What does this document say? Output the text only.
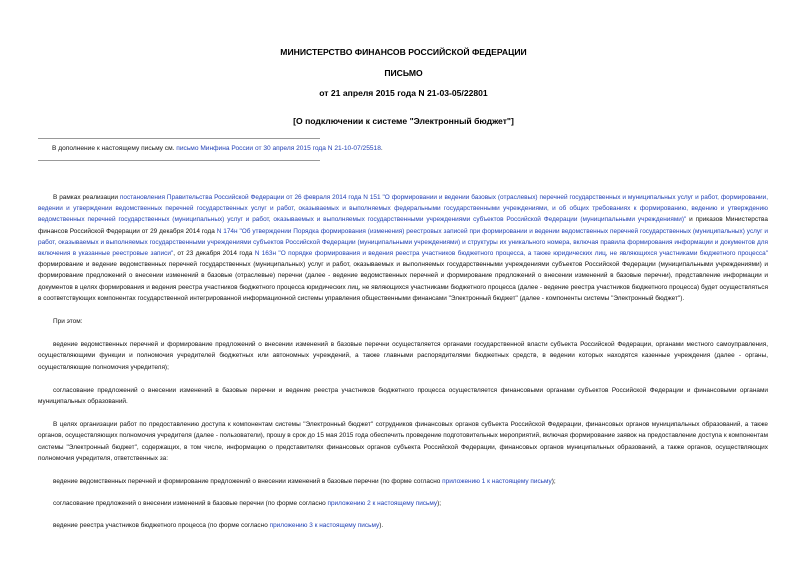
МИНИСТЕРСТВО ФИНАНСОВ РОССИЙСКОЙ ФЕДЕРАЦИИ
ПИСЬМО
от 21 апреля 2015 года N 21-03-05/22801
[О подключении к системе "Электронный бюджет"]
В дополнение к настоящему письму см. письмо Минфина России от 30 апреля 2015 года N 21-10-07/25518.

В рамках реализации постановления Правительства Российской Федерации от 26 февраля 2014 года N 151 "О формировании и ведении базовых (отраслевых) перечней государственных и муниципальных услуг и работ, формировании, ведении и утверждении ведомственных перечней государственных услуг и работ, оказываемых и выполняемых федеральными государственными учреждениями, и об общих требованиях к формированию, ведению и утверждению ведомственных перечней государственных (муниципальных) услуг и работ, оказываемых и выполняемых государственными учреждениями субъектов Российской Федерации (муниципальными учреждениями)" и приказов Министерства финансов Российской Федерации от 29 декабря 2014 года N 174н "Об утверждении Порядка формирования (изменения) реестровых записей при формировании и ведении ведомственных перечней государственных (муниципальных) услуг и работ, оказываемых и выполняемых государственными учреждениями субъектов Российской Федерации (муниципальными учреждениями) и структуры их уникального номера, включая правила формирования информации и документов для включения в указанные реестровые записи", от 23 декабря 2014 года N 163н "О порядке формирования и ведения реестра участников бюджетного процесса, а также юридических лиц, не являющихся участниками бюджетного процесса" формирование и ведение ведомственных перечней государственных (муниципальных) услуг и работ, оказываемых и выполняемых государственными учреждениями субъектов Российской Федерации (муниципальными учреждениями) и формирование предложений о внесении изменений в базовые (отраслевые) перечни (далее - ведение ведомственных перечней и формирование предложений о внесении изменений в базовые перечни), представление информации и документов в целях формирования и ведения реестра участников бюджетного процесса юридических лиц, не являющихся участниками бюджетного процесса (далее - ведение реестра участников бюджетного процесса) будет осуществляться в соответствующих компонентах государственной интегрированной информационной системы управления общественными финансами "Электронный бюджет" (далее - компоненты системы "Электронный бюджет").

При этом:

ведение ведомственных перечней и формирование предложений о внесении изменений в базовые перечни осуществляется органами государственной власти субъекта Российской Федерации, органами местного самоуправления, осуществляющими функции и полномочия учредителей бюджетных или автономных учреждений, а также главными распорядителями бюджетных средств, в ведении которых находятся казенные учреждения (далее - органы, осуществляющие полномочия учредителя);

согласование предложений о внесении изменений в базовые перечни и ведение реестра участников бюджетного процесса осуществляется финансовыми органами субъектов Российской Федерации и финансовыми органами муниципальных образований.

В целях организации работ по предоставлению доступа к компонентам системы "Электронный бюджет" сотрудников финансовых органов субъекта Российской Федерации, финансовых органов муниципальных образований, а также органов, осуществляющих полномочия учредителя (далее - пользователи), прошу в срок до 15 мая 2015 года обеспечить проведение подготовительных мероприятий, включая формирование заявок на предоставление доступа к компонентам системы "Электронный бюджет", содержащих, в том числе, информацию о представителях финансовых органов субъекта Российской Федерации, финансовых органов муниципальных образований, а также органов, осуществляющих полномочия учредителя, ответственных за:

ведение ведомственных перечней и формирование предложений о внесении изменений в базовые перечни (по форме согласно приложению 1 к настоящему письму);

согласование предложений о внесении изменений в базовые перечни (по форме согласно приложению 2 к настоящему письму);

ведение реестра участников бюджетного процесса (по форме согласно приложению 3 к настоящему письму).
